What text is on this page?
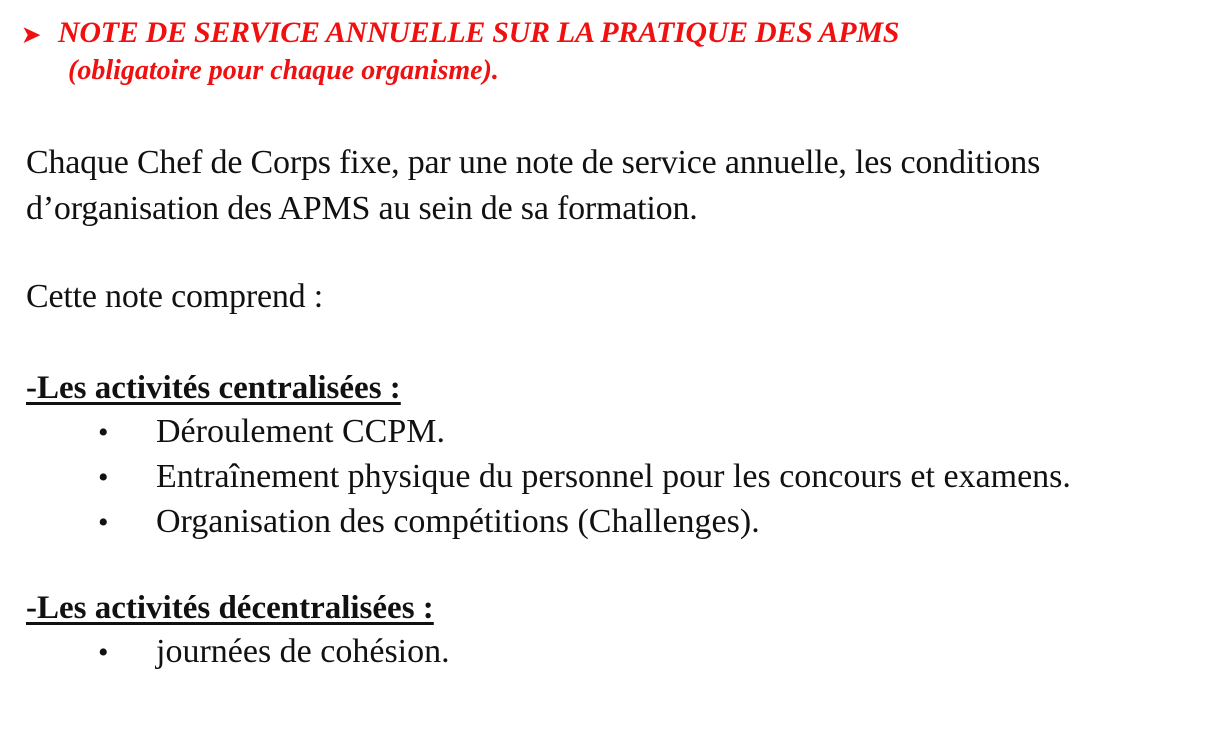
➤ NOTE DE SERVICE ANNUELLE SUR LA PRATIQUE DES APMS
(obligatoire pour chaque organisme).
Chaque Chef de Corps fixe, par une note de service annuelle, les conditions d’organisation des APMS au sein de sa formation.
Cette note comprend :
-Les activités centralisées :
•	Déroulement CCPM.
•	Entraînement physique du personnel pour les concours et examens.
•	Organisation des compétitions (Challenges).
-Les activités décentralisées :
•	journées de cohésion.
